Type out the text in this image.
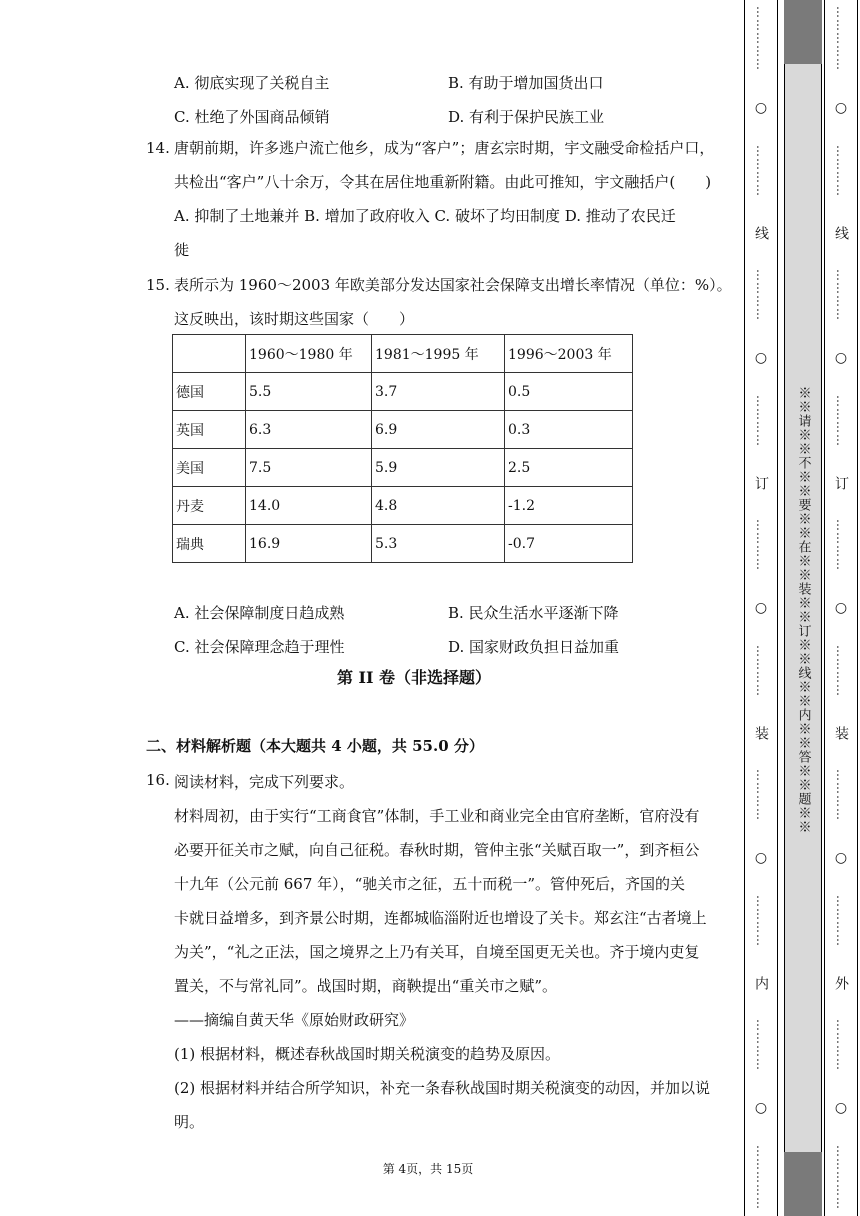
A. 彻底实现了关税自主	B. 有助于增加国货出口
C. 杜绝了外国商品倾销	D. 有利于保护民族工业
14. 唐朝前期，许多逃户流亡他乡，成为“客户”；唐玄宗时期，宇文融受命检括户口，
共检出“客户”八十余万，令其在居住地重新附籍。由此可推知，宇文融括户(　　)
A. 抑制了土地兼并 B. 增加了政府收入 C. 破坏了均田制度 D. 推动了农民迁
徙
15. 表所示为 1960～2003 年欧美部分发达国家社会保障支出增长率情况（单位：%）。
这反映出，该时期这些国家（　　）
	1960～1980 年	1981～1995 年	1996～2003 年
德国	5.5	3.7	0.5
英国	6.3	6.9	0.3
美国	7.5	5.9	2.5
丹麦	14.0	4.8	-1.2
瑞典	16.9	5.3	-0.7
A. 社会保障制度日趋成熟	B. 民众生活水平逐渐下降
C. 社会保障理念趋于理性	D. 国家财政负担日益加重
第 II 卷（非选择题）
二、材料解析题（本大题共 4 小题，共 55.0 分）
16. 阅读材料，完成下列要求。
材料周初，由于实行“工商食官”体制，手工业和商业完全由官府垄断，官府没有
必要开征关市之赋，向自己征税。春秋时期，管仲主张“关赋百取一”，到齐桓公
十九年（公元前 667 年），“驰关市之征，五十而税一”。管仲死后，齐国的关
卡就日益增多，到齐景公时期，连都城临淄附近也增设了关卡。郑玄注“古者境上
为关”，“礼之正法，国之境界之上乃有关耳，自境至国更无关也。齐于境内吏复
置关，不与常礼同”。战国时期，商鞅提出“重关市之赋”。
——摘编自黄天华《原始财政研究》
(1) 根据材料，概述春秋战国时期关税演变的趋势及原因。
(2) 根据材料并结合所学知识，补充一条春秋战国时期关税演变的动因，并加以说
明。
第 4页，共 15页
……………
○
…………
线
…………
○
…………
订
…………
○
…………
装
…………
○
…………
内
…………
○
……………
※※请※※不※※要※※在※※装※※订※※线※※内※※答※※题※※
……………
○
…………
线
…………
○
…………
订
…………
○
…………
装
…………
○
…………
外
…………
○
……………
